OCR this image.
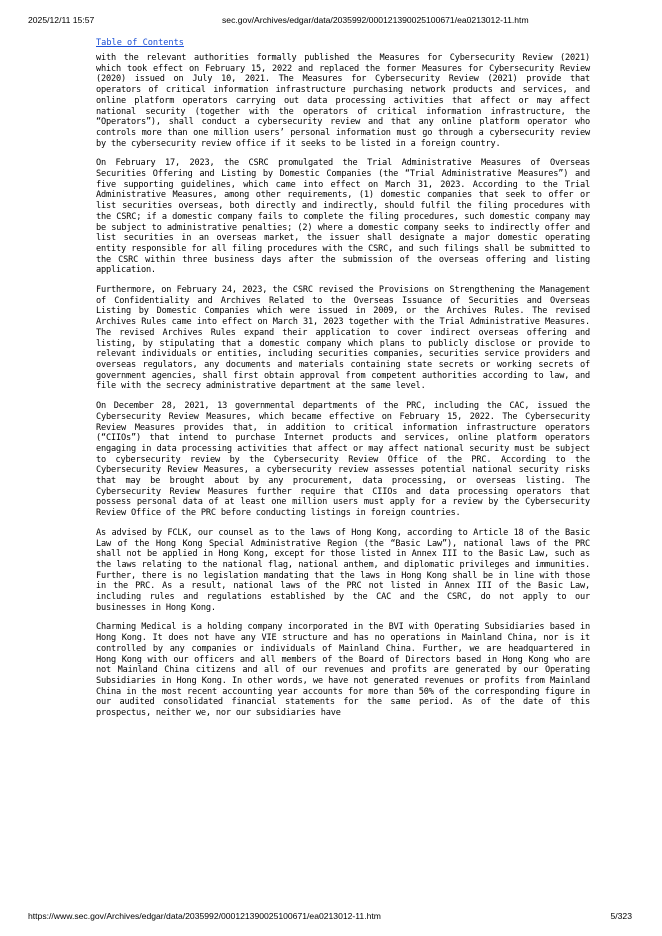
2025/12/11 15:57	sec.gov/Archives/edgar/data/2035992/000121390025100671/ea0213012-11.htm
Table of Contents

with the relevant authorities formally published the Measures for Cybersecurity Review (2021) which took effect on February 15, 2022 and replaced the former Measures for Cybersecurity Review (2020) issued on July 10, 2021. The Measures for Cybersecurity Review (2021) provide that operators of critical information infrastructure purchasing network products and services, and online platform operators carrying out data processing activities that affect or may affect national security (together with the operators of critical information infrastructure, the “Operators”), shall conduct a cybersecurity review and that any online platform operator who controls more than one million users’ personal information must go through a cybersecurity review by the cybersecurity review office if it seeks to be listed in a foreign country.

On February 17, 2023, the CSRC promulgated the Trial Administrative Measures of Overseas Securities Offering and Listing by Domestic Companies (the “Trial Administrative Measures”) and five supporting guidelines, which came into effect on March 31, 2023. According to the Trial Administrative Measures, among other requirements, (1) domestic companies that seek to offer or list securities overseas, both directly and indirectly, should fulfil the filing procedures with the CSRC; if a domestic company fails to complete the filing procedures, such domestic company may be subject to administrative penalties; (2) where a domestic company seeks to indirectly offer and list securities in an overseas market, the issuer shall designate a major domestic operating entity responsible for all filing procedures with the CSRC, and such filings shall be submitted to the CSRC within three business days after the submission of the overseas offering and listing application.

Furthermore, on February 24, 2023, the CSRC revised the Provisions on Strengthening the Management of Confidentiality and Archives Related to the Overseas Issuance of Securities and Overseas Listing by Domestic Companies which were issued in 2009, or the Archives Rules. The revised Archives Rules came into effect on March 31, 2023 together with the Trial Administrative Measures. The revised Archives Rules expand their application to cover indirect overseas offering and listing, by stipulating that a domestic company which plans to publicly disclose or provide to relevant individuals or entities, including securities companies, securities service providers and overseas regulators, any documents and materials containing state secrets or working secrets of government agencies, shall first obtain approval from competent authorities according to law, and file with the secrecy administrative department at the same level.

On December 28, 2021, 13 governmental departments of the PRC, including the CAC, issued the Cybersecurity Review Measures, which became effective on February 15, 2022. The Cybersecurity Review Measures provides that, in addition to critical information infrastructure operators (“CIIOs”) that intend to purchase Internet products and services, online platform operators engaging in data processing activities that affect or may affect national security must be subject to cybersecurity review by the Cybersecurity Review Office of the PRC. According to the Cybersecurity Review Measures, a cybersecurity review assesses potential national security risks that may be brought about by any procurement, data processing, or overseas listing. The Cybersecurity Review Measures further require that CIIOs and data processing operators that possess personal data of at least one million users must apply for a review by the Cybersecurity Review Office of the PRC before conducting listings in foreign countries.

As advised by FCLK, our counsel as to the laws of Hong Kong, according to Article 18 of the Basic Law of the Hong Kong Special Administrative Region (the “Basic Law”), national laws of the PRC shall not be applied in Hong Kong, except for those listed in Annex III to the Basic Law, such as the laws relating to the national flag, national anthem, and diplomatic privileges and immunities. Further, there is no legislation mandating that the laws in Hong Kong shall be in line with those in the PRC. As a result, national laws of the PRC not listed in Annex III of the Basic Law, including rules and regulations established by the CAC and the CSRC, do not apply to our businesses in Hong Kong.

Charming Medical is a holding company incorporated in the BVI with Operating Subsidiaries based in Hong Kong. It does not have any VIE structure and has no operations in Mainland China, nor is it controlled by any companies or individuals of Mainland China. Further, we are headquartered in Hong Kong with our officers and all members of the Board of Directors based in Hong Kong who are not Mainland China citizens and all of our revenues and profits are generated by our Operating Subsidiaries in Hong Kong. In other words, we have not generated revenues or profits from Mainland China in the most recent accounting year accounts for more than 50% of the corresponding figure in our audited consolidated financial statements for the same period. As of the date of this prospectus, neither we, nor our subsidiaries have

https://www.sec.gov/Archives/edgar/data/2035992/000121390025100671/ea0213012-11.htm	5/323
